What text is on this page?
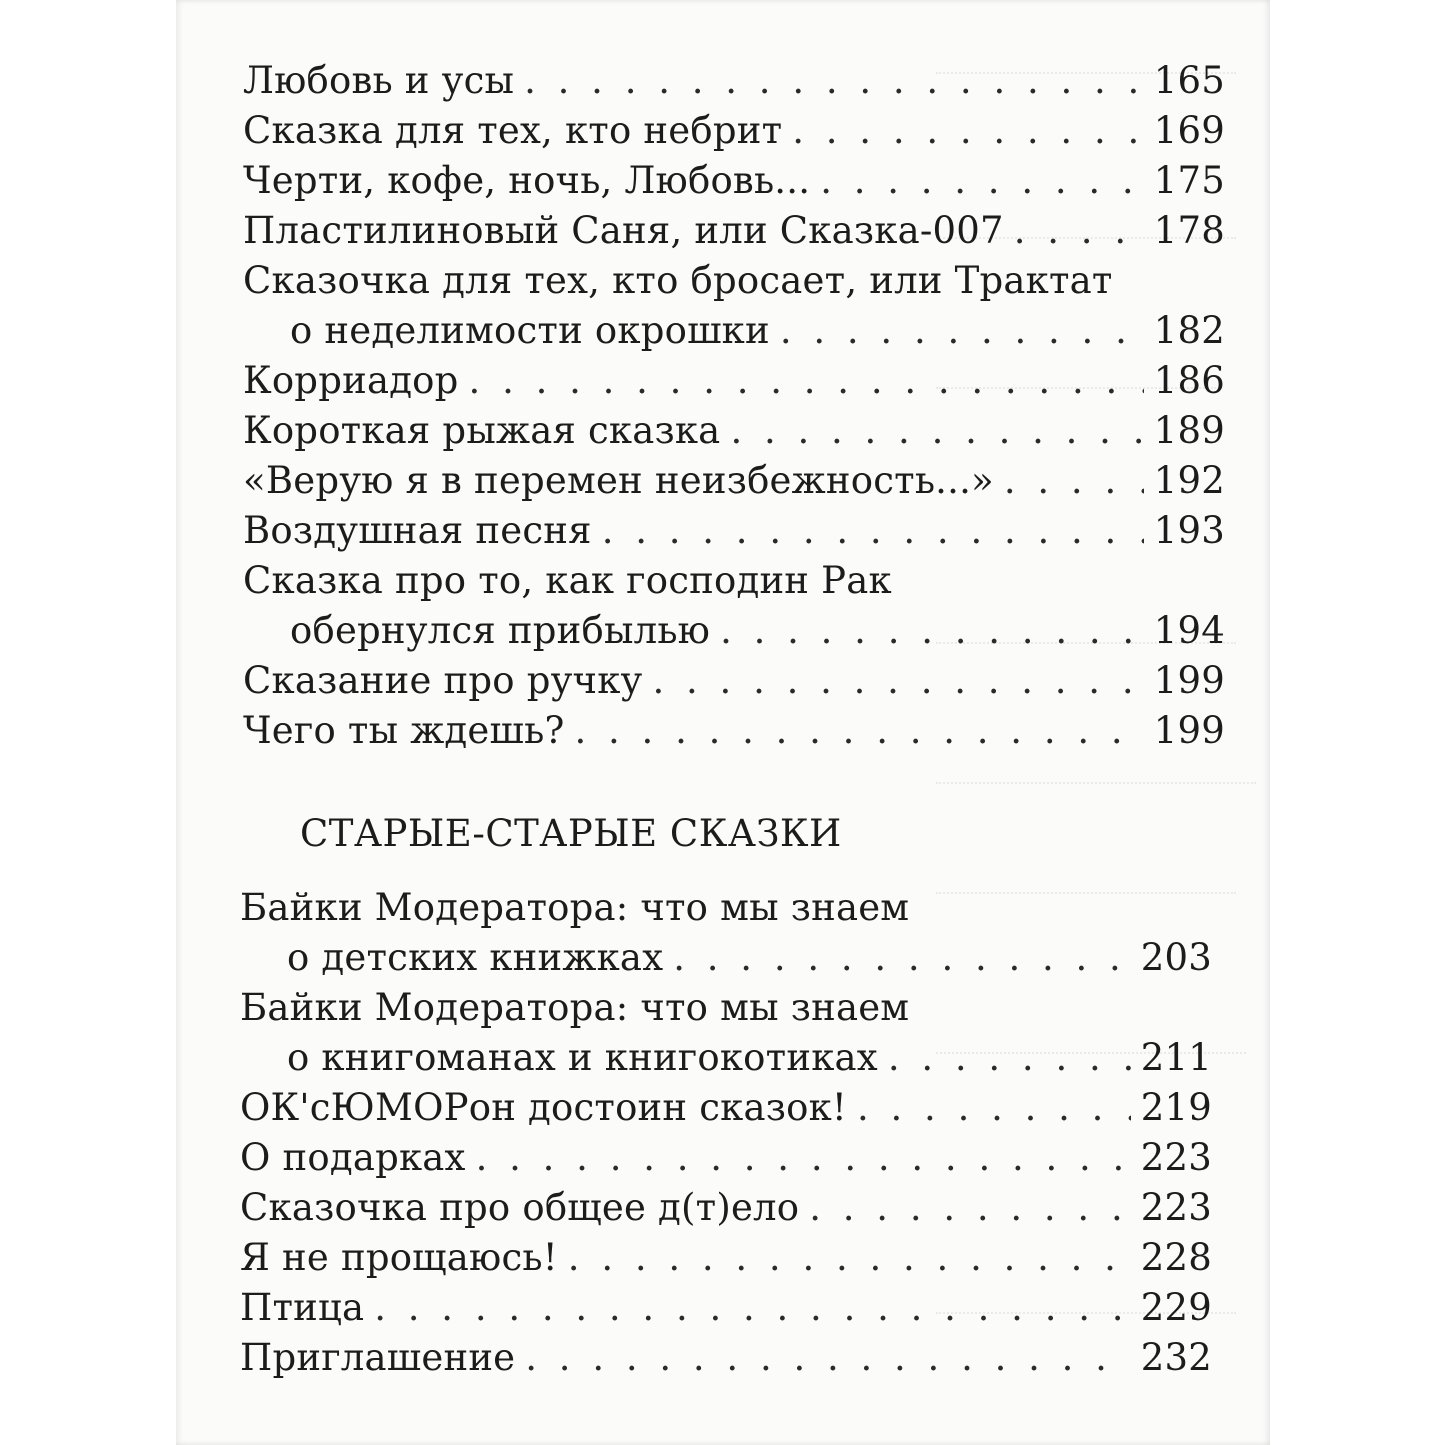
Любовь и усы . . .	165
Сказка для тех, кто небрит . . .	169
Черти, кофе, ночь, Любовь... . . .	175
Пластилиновый Саня, или Сказка-007 . . .	178
Сказочка для тех, кто бросает, или Трактат
о неделимости окрошки . . .	182
Корриадор . . .	186
Короткая рыжая сказка . . .	189
«Верую я в перемен неизбежность...» . . .	192
Воздушная песня . . .	193
Сказка про то, как господин Рак
обернулся прибылью . . .	194
Сказание про ручку . . .	199
Чего ты ждешь? . . .	199
СТАРЫЕ-СТАРЫЕ СКАЗКИ
Байки Модератора: что мы знаем
о детских книжках . . .	203
Байки Модератора: что мы знаем
о книгоманах и книгокотиках . . .	211
ОК'сЮМОРон достоин сказок! . . .	219
О подарках . . .	223
Сказочка про общее д(т)ело . . .	223
Я не прощаюсь! . . .	228
Птица . . .	229
Приглашение . . .	232
